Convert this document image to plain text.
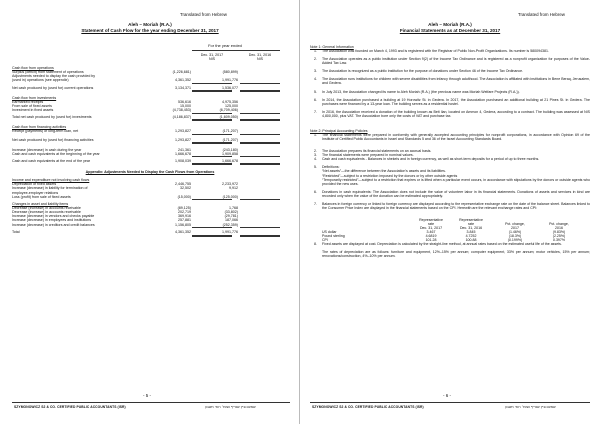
Translated from Hebrew
Aleh – Moriah (R.A.)
Statement of Cash Flow for the year ending December 31, 2017
For the year ended
Dec. 31, 2017
NIS
Dec. 31, 2016
NIS
Cash flow from operations
Surplus (deficit) from statement of operations	(1,226,681)	(580,899)
Adjustments needed to display the cash provided by
(used in) operations (see appendix)	4,361,352	1,991,776
Net cash produced by (used for) current operations	3,134,371	1,536,077
Cash flow from investments
Earmarked receipts	536,616	4,975,356
From sale of fixed assets	15,000	125,000
Investment in fixed assets	(4,738,453)	(6,709,406)
Total net cash produced by (used for) investments	(4,186,837)	(1,609,050)
Cash flow from financing activities
Receipt (payments) of long-term loan, net	1,293,827	(171,207)
Net cash produced by (used for) financing activities	1,293,827	(171,207)
Increase (decrease) in cash during the year	241,361	(243,180)
Cash and cash equivalents at the beginning of the year	1,666,678	1,909,858
Cash and cash equivalents at the end of the year	1,908,039	1,666,678
Appendix: Adjustments Needed to Display the Cash Flows from Operations
Income and expenditure not involving cash flows
Depreciation of fixed assets	2,446,755	2,233,972
Increase (decrease) in liability for termination of	32,502	9,912
employee-employer relations
Loss (profit) from sale of fixed assets	(15,000)	(125,000)
Changes in asset and liability items
Decrease (increase) in accounts receivable	(89,125)	1,768
Decrease (increase) in accounts receivable	202,719	(33,802)
Increase (decrease) in vendors and checks payable	369,916	(29,781)
Increase (decrease) in employees and institutions	257,881	187,066
Increase (decrease) in creditors and credit balances	1,156,805	(252,359)
Total	4,361,352	1,991,776
- 5 -
SZYMONOWICZ S2 & CO. CERTIFIED PUBLIC ACCOUNTANTS (ISR)	שמעונוביץ שטייף ושות׳ רואי חשבון
Translated from Hebrew
Aleh – Moriah (R.A.)
Financial Statements as at December 31, 2017
Note 1: General Information
1. The Association was founded on March 4, 1993 and is registered with the Registrar of Public Non-Profit Organizations. Its number is 580094381.
2. The Association operates as a public institution under Section 9(2) of the Income Tax Ordinance and is registered as a nonprofit organization for purposes of the Value-Added Tax Law.
3. The Association is recognized as a public institution for the purpose of donations under Section 46 of the Income Tax Ordinance.
4. The Association runs institutions for children with severe disabilities from infancy through adulthood. The Association is affiliated with institutions in Bene Beraq, Jerusalem, and Gedera.
5. In July 2013, the Association changed its name to Aleh Moriah (R.A.) (the previous name was Moriah Welfare Projects (R.A.)).
6. In 2014, the Association purchased a building at 19 Horowitz St. in Gedera. In 2017, the Association purchased an additional building at 21 Pines St. in Gedera. The purchases were financed by a 13-year loan. The building serves as a residential hostel.
7. In 2016, the Association received a donation of the building known as Beit Ilan, located on Ammon 4, Gedera, according to a contract. The building was assessed at NIS 4,800,000, plus VAT. The Association bore only the costs of VAT and purchase tax.
Note 2: Principal Accounting Policies
1. The financial statements were prepared in conformity with generally accepted accounting principles for nonprofit corporations, in accordance with Opinion 69 of the Institute of Certified Public Accountants in Israel and Standards 5 and 36 of the Israel Accounting Standards Board.
2. The Association prepares its financial statements on an accrual basis.
3. The financial statements were prepared in nominal values.
4. Cash and cash equivalents - Balances in shekels and in foreign currency, as well as short-term deposits for a period of up to three months.
5. Definitions:
“Net assets”—the difference between the Association’s assets and its liabilities.
“Restricted”—subject to a restriction imposed by the donors or by other outside agents
“Temporarily restricted”—subject to a restriction that expires or is lifted when a particular event occurs, in accordance with stipulations by the donors or outside agents who provided the new uses.
6. Donations in cash equivalents: The Association does not include the value of volunteer labor in its financial statements. Donations of assets and services in kind are recorded only when the value of the donation can be estimated appropriately.
7. Balances in foreign currency or linked to foreign currency are displayed according to the representative exchange rate on the date of the balance sheet. Balances linked to the Consumer Price Index are displayed in the financial statements based on the CPI. Herewith are the relevant exchange rates and CPI:
Representative	Representative
rate	rate	Pct. change,	Pct. change,
Dec. 31, 2017	Dec. 31, 2016	2017	2016
US dollar	3.467	3.845	(1.46%)	(9.83%)
Pound sterling	4.6819	4.7252	(18.3%)	(2.25%)
CPI	101.28	100.88	(0.199%)	0.397%
8. Fixed assets are displayed at cost. Depreciation is calculated by the straight-line method, at annual rates based on the estimated useful life of the assets.
The rates of depreciation are as follows: furniture and equipment, 12%–15% per annum; computer equipment, 33% per annum; motor vehicles, 15% per annum; renovations/construction, 4%–10% per annum.
- 6 -
SZYMONOWICZ S2 & CO. CERTIFIED PUBLIC ACCOUNTANTS (ISR)	שמעונוביץ שטייף ושות׳ רואי חשבון
